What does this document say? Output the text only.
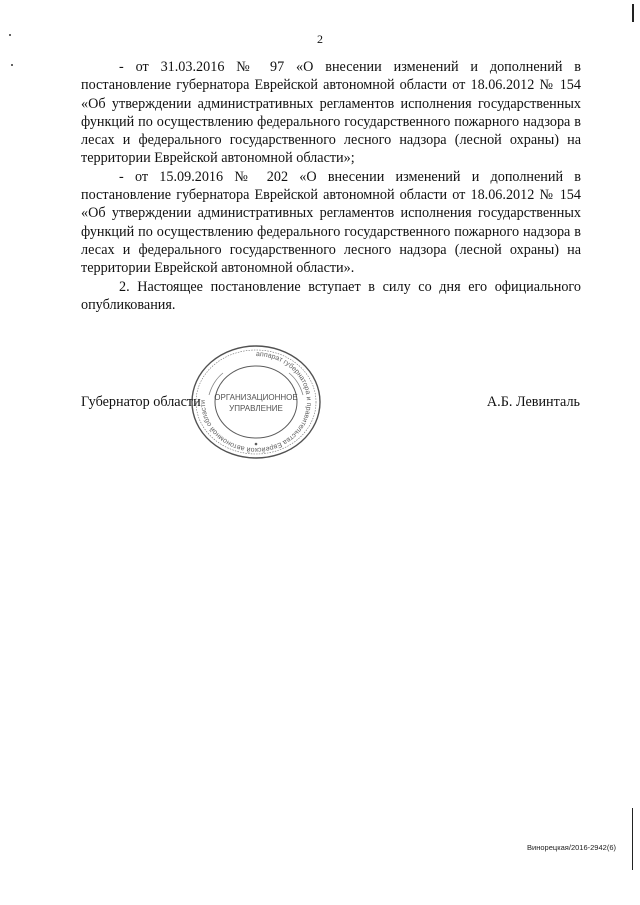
2

- от 31.03.2016 № 97 «О внесении изменений и дополнений в постановление губернатора Еврейской автономной области от 18.06.2012 № 154 «Об утверждении административных регламентов исполнения государственных функций по осуществлению федерального государственного пожарного надзора в лесах и федерального государственного лесного надзора (лесной охраны) на территории Еврейской автономной области»;

- от 15.09.2016 № 202 «О внесении изменений и дополнений в постановление губернатора Еврейской автономной области от 18.06.2012 № 154 «Об утверждении административных регламентов исполнения государственных функций по осуществлению федерального государственного пожарного надзора в лесах и федерального государственного лесного надзора (лесной охраны) на территории Еврейской автономной области».

2. Настоящее постановление вступает в силу со дня его официального опубликования.

Губернатор области	А.Б. Левинталь
аппарат губернатора и правительства Еврейской автономной области ОРГАНИЗАЦИОННОЕ
УПРАВЛЕНИЕ
Винорецкая/2016-2942(6)
